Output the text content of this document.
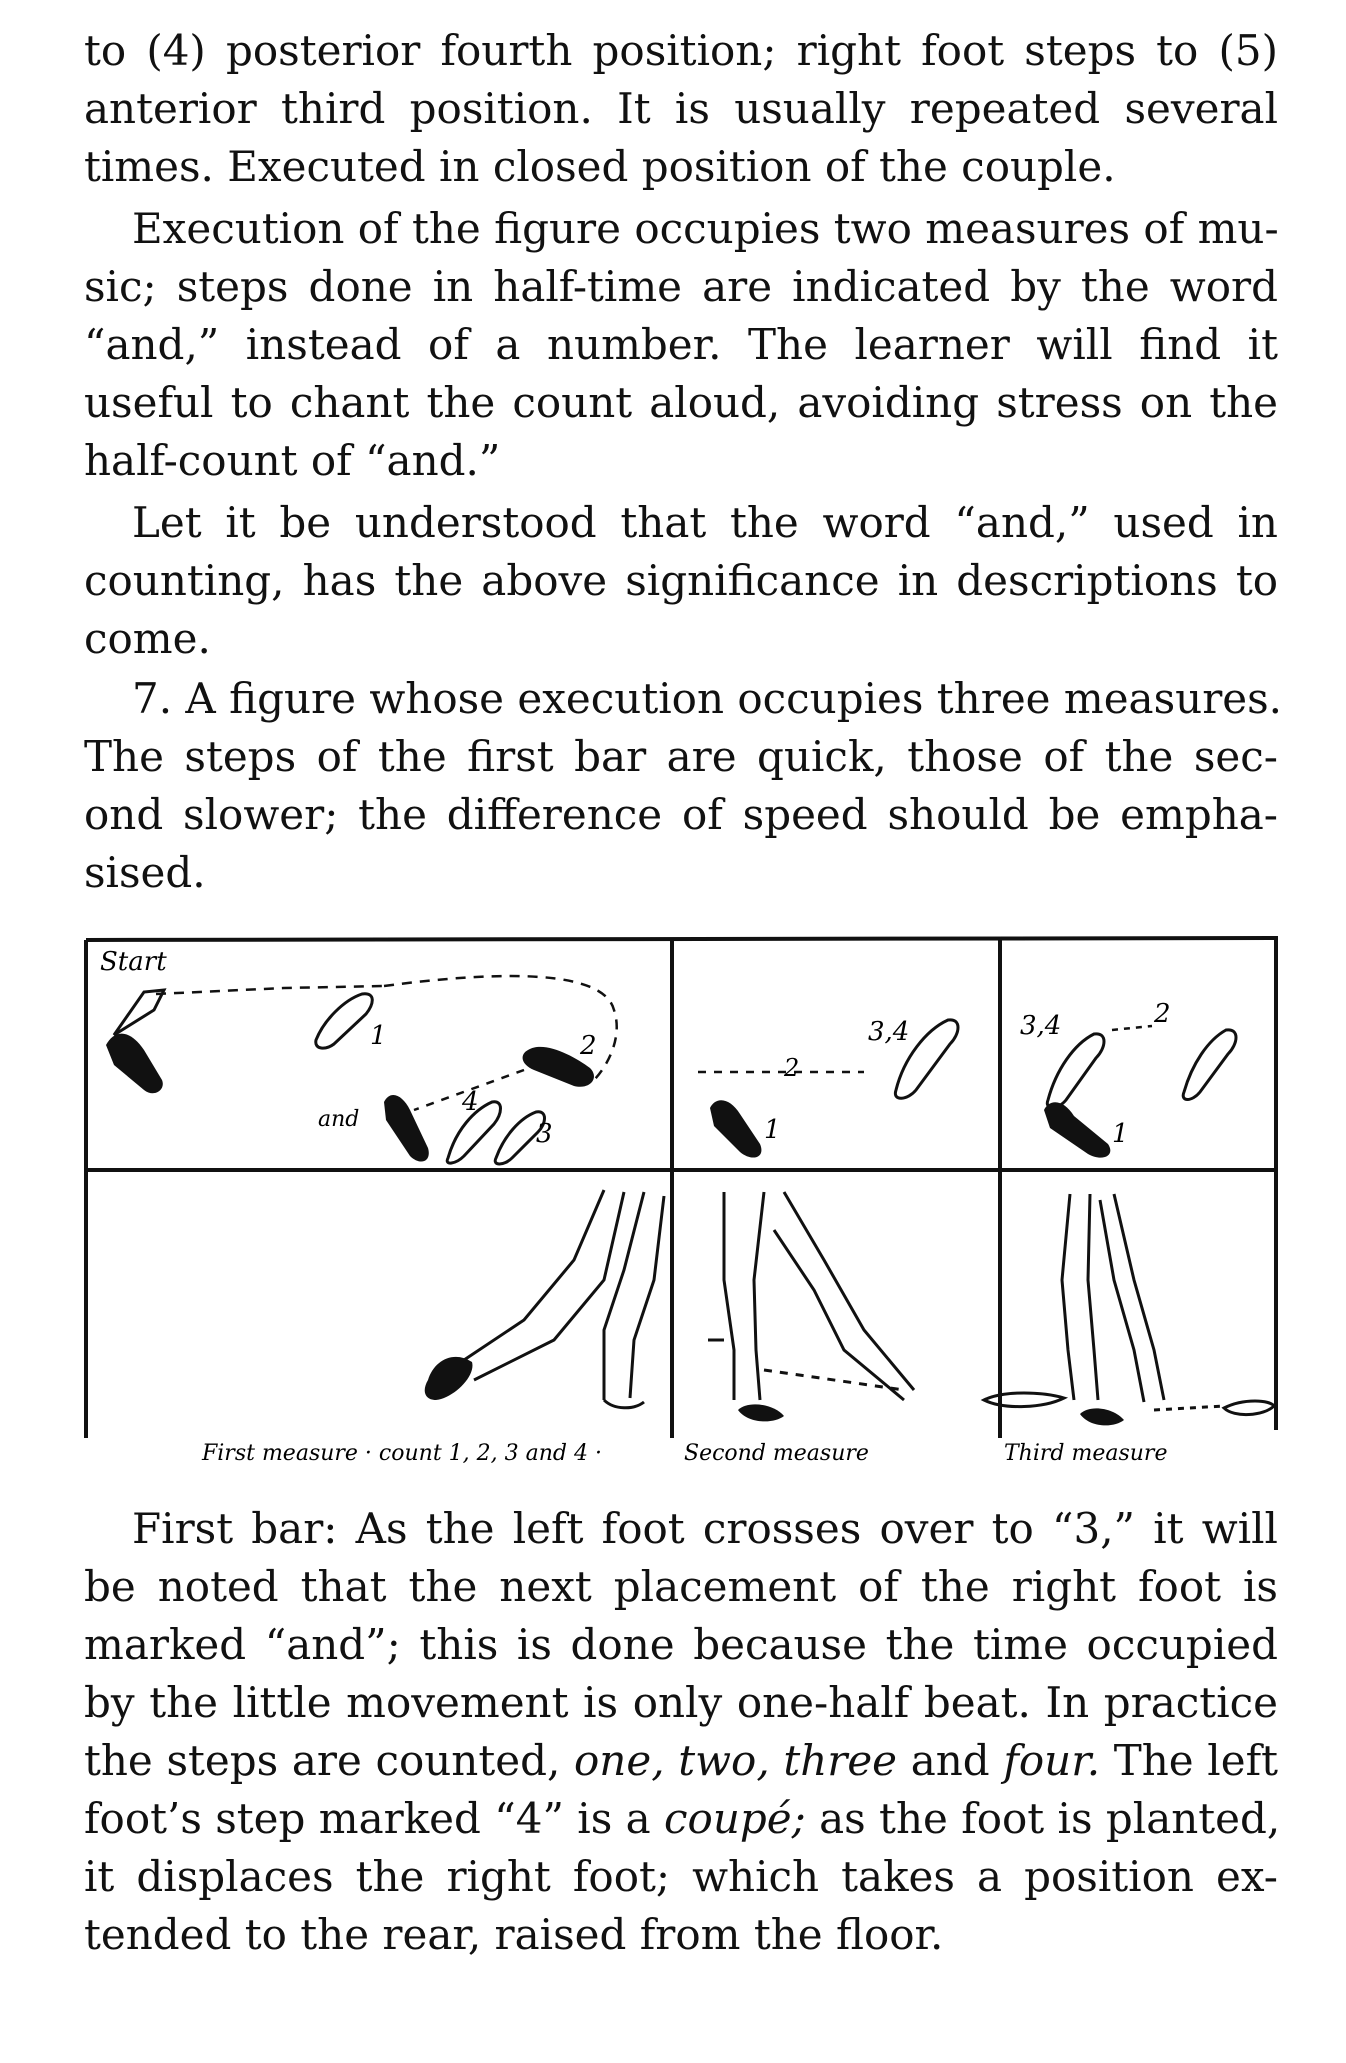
to (4) posterior fourth position; right foot steps to (5)
anterior third position. It is usually repeated several
times. Executed in closed position of the couple.

Execution of the figure occupies two measures of mu-
sic; steps done in half-time are indicated by the word
“and,” instead of a number. The learner will find it
useful to chant the count aloud, avoiding stress on the
half-count of “and.”

Let it be understood that the word “and,” used in
counting, has the above significance in descriptions to
come.

7. A figure whose execution occupies three measures.
The steps of the first bar are quick, those of the sec-
ond slower; the difference of speed should be empha-
sised.

1	2
and
4
3
Start
2
3,4
1
3,4	2
1
First measure · count 1, 2, 3 and 4 ·	Second measure	Third measure

First bar: As the left foot crosses over to “3,” it will
be noted that the next placement of the right foot is
marked “and”; this is done because the time occupied
by the little movement is only one-half beat. In practice
the steps are counted, one, two, three and four. The left
foot’s step marked “4” is a coupé; as the foot is planted,
it displaces the right foot; which takes a position ex-
tended to the rear, raised from the floor.
